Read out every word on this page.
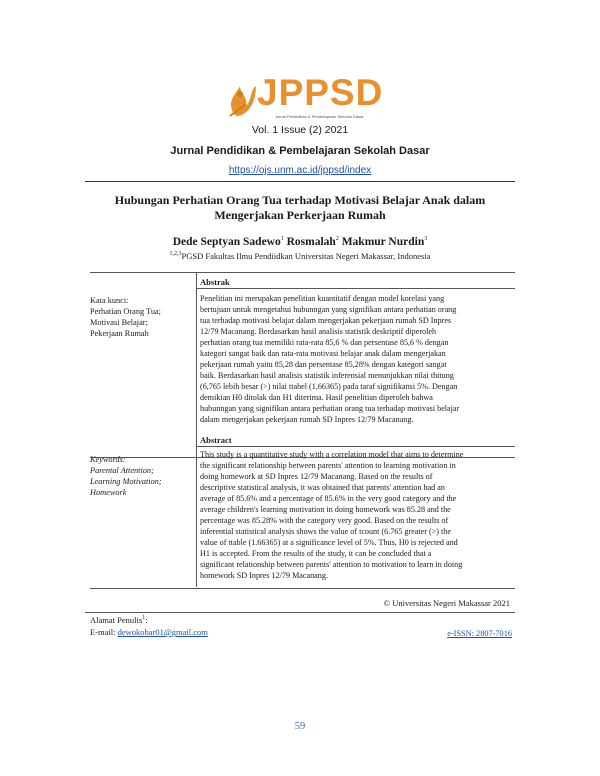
JPPSD
Jurnal Pendidikan & Pembelajaran Sekolah Dasar
Vol. 1 Issue (2) 2021
Jurnal Pendidikan & Pembelajaran Sekolah Dasar
https://ojs.unm.ac.id/jppsd/index
Hubungan Perhatian Orang Tua terhadap Motivasi Belajar Anak dalam
Mengerjakan Perkerjaan Rumah
Dede Septyan Sadewo$^1$ Rosmalah$^2$ Makmur Nurdin$^3$
$^{1,2,3}$PGSD Fakultas Ilmu Pendiidkan Universitas Negeri Makassar, Indonesia
Abstrak
Kata kunci:
Perhatian Orang Tua;
Motivasi Belajar;
Pekerjaan Rumah
Penelitian ini merupakan penelitian kuantitatif dengan model korelasi yang
bertujuan untuk mengetahui hubunngan yang signifikan antara perhatian orang
tua terhadap motivasi belajar dalam mengerjakan pekerjaan rumah SD Inpres
12/79 Macanang. Berdasarkan hasil analisis statistik deskriptif diperoleh
perhatian orang tua memiliki rata-rata 85,6 % dan persentase 85,6 % dengan
kategori sangat baik dan rata-rata motivasi belajar anak dalam mengerjakan
pekerjaan rumah yaitu 85,28 dan persentase 85,28% dengan kategori sangat
baik. Berdasarkan hasil analisis statistik inferensial menunjukkan nilai thitung
(6,765 lebih besar (>) nilai ttabel (1,66365) pada taraf signifikansi 5%. Dengan
demikian H0 ditolak dan H1 diterima. Hasil penelitian diperoleh bahwa
hubunngan yang signifikan antara perhatian orang tua terhadap motivasi belajar
dalam mengerjakan pekerjaan rumah SD Inpres 12/79 Macanang.
Abstract
Keywords:
Parental Attention;
Learning Motivation;
Homework
This study is a quantitative study with a correlation model that aims to determine
the significant relationship between parents' attention to learning motivation in
doing homework at SD Inpres 12/79 Macanang. Based on the results of
descriptive statistical analysis, it was obtained that parents' attention had an
average of 85.6% and a percentage of 85.6% in the very good category and the
average children's learning motivation in doing homework was 85.28 and the
percentage was 85.28% with the category very good. Based on the results of
inferential statistical analysis shows the value of tcount (6.765 greater (>) the
value of ttable (1.66365) at a significance level of 5%. Thus, H0 is rejected and
H1 is accepted. From the results of the study, it can be concluded that a
significant relationship between parents' attention to motivation to learn in doing
homework SD Inpres 12/79 Macanang.
© Universitas Negeri Makassar 2021
Alamat Penulis$^1$:
E-mail: dewokobar01@gmail.com	e-ISSN: 2807-7016
59
